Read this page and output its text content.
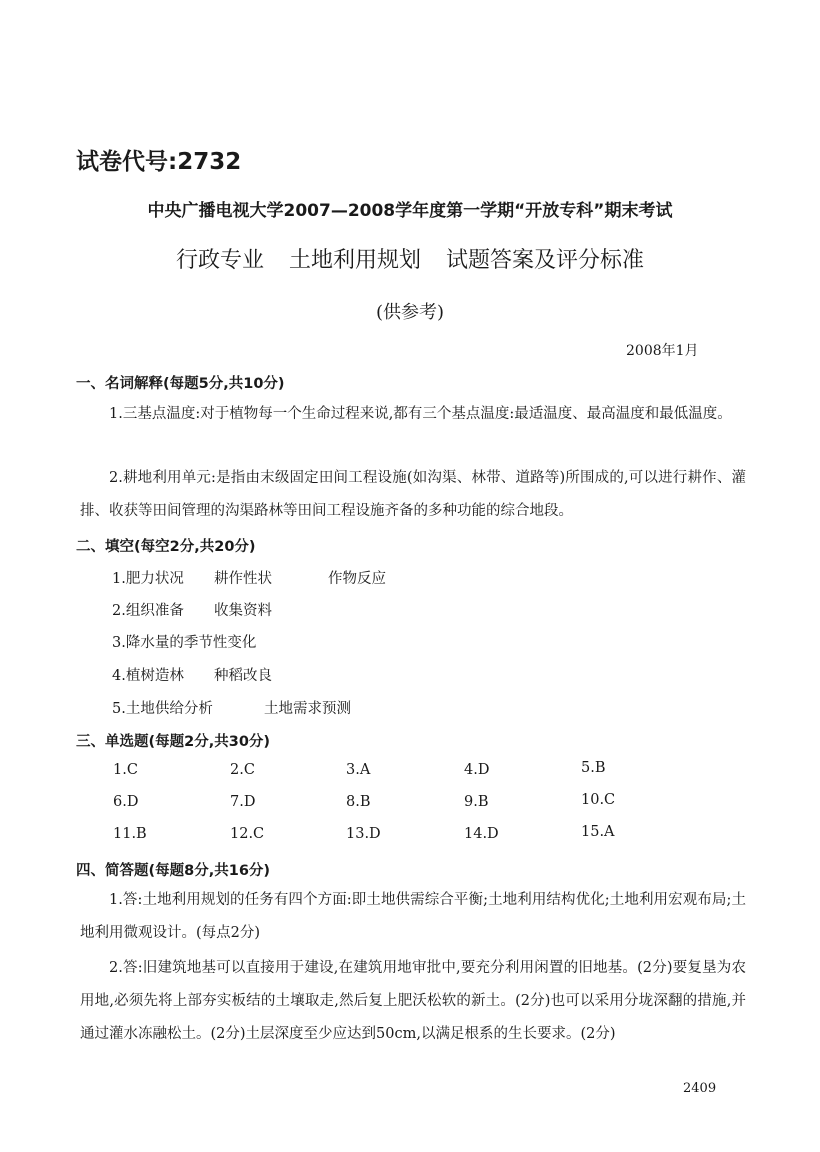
试卷代号:2732
中央广播电视大学2007—2008学年度第一学期“开放专科”期末考试
行政专业 土地利用规划 试题答案及评分标准
(供参考)
2008年1月
一、名词解释(每题5分,共10分)
1.三基点温度:对于植物每一个生命过程来说,都有三个基点温度:最适温度、最高温度和最低温度。
2.耕地利用单元:是指由末级固定田间工程设施(如沟渠、林带、道路等)所围成的,可以进行耕作、灌排、收获等田间管理的沟渠路林等田间工程设施齐备的多种功能的综合地段。
二、填空(每空2分,共20分)
1.肥力状况 耕作性状	作物反应
2.组织准备 收集资料
3.降水量的季节性变化
4.植树造林 种稻改良
5.土地供给分析	土地需求预测
三、单选题(每题2分,共30分)
1.C	2.C	3.A	4.D	5.B
6.D	7.D	8.B	9.B	10.C
11.B	12.C	13.D	14.D	15.A
四、简答题(每题8分,共16分)
1.答:土地利用规划的任务有四个方面:即土地供需综合平衡;土地利用结构优化;土地利用宏观布局;土地利用微观设计。(每点2分)
2.答:旧建筑地基可以直接用于建设,在建筑用地审批中,要充分利用闲置的旧地基。(2分)要复垦为农用地,必须先将上部夯实板结的土壤取走,然后复上肥沃松软的新土。(2分)也可以采用分垅深翻的措施,并通过灌水冻融松土。(2分)土层深度至少应达到50cm,以满足根系的生长要求。(2分)
2409
